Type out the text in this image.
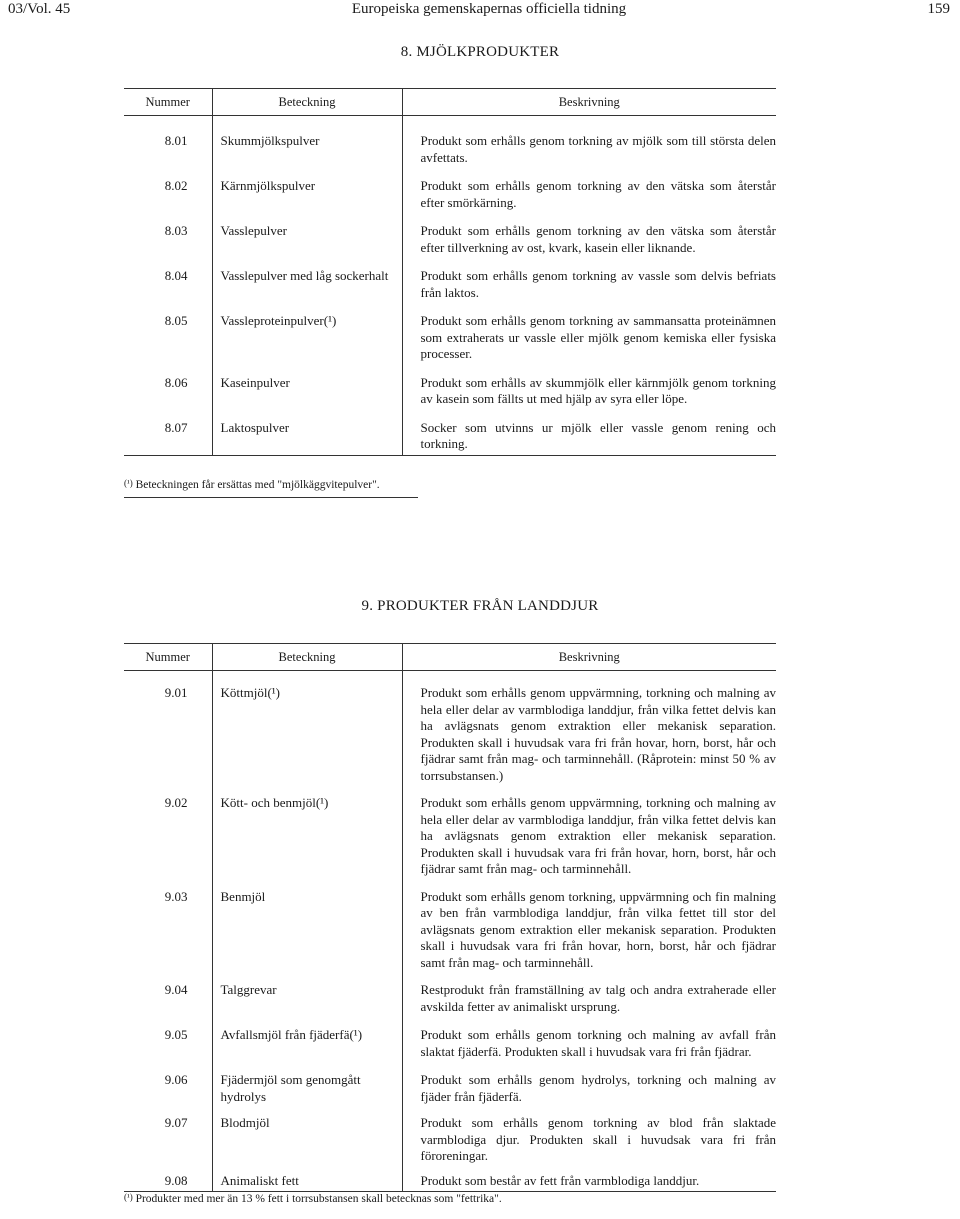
03/Vol. 45	Europeiska gemenskapernas officiella tidning	159
8. MJÖLKPRODUKTER
Nummer	Beteckning	Beskrivning
8.01	Skummjölkspulver	Produkt som erhålls genom torkning av mjölk som till största delen avfettats.
8.02	Kärnmjölkspulver	Produkt som erhålls genom torkning av den vätska som återstår efter smörkärning.
8.03	Vasslepulver	Produkt som erhålls genom torkning av den vätska som återstår efter tillverkning av ost, kvark, kasein eller liknande.
8.04	Vasslepulver med låg sockerhalt	Produkt som erhålls genom torkning av vassle som delvis befriats från laktos.
8.05	Vassleproteinpulver(¹)	Produkt som erhålls genom torkning av sammansatta proteinämnen som extraherats ur vassle eller mjölk genom kemiska eller fysiska processer.
8.06	Kaseinpulver	Produkt som erhålls av skummjölk eller kärnmjölk genom torkning av kasein som fällts ut med hjälp av syra eller löpe.
8.07	Laktospulver	Socker som utvinns ur mjölk eller vassle genom rening och torkning.
(¹) Beteckningen får ersättas med "mjölkäggvitepulver".
9. PRODUKTER FRÅN LANDDJUR
Nummer	Beteckning	Beskrivning
9.01	Köttmjöl(¹)	Produkt som erhålls genom uppvärmning, torkning och malning av hela eller delar av varmblodiga landdjur, från vilka fettet delvis kan ha avlägsnats genom extraktion eller mekanisk separation. Produkten skall i huvudsak vara fri från hovar, horn, borst, hår och fjädrar samt från mag- och tarminnehåll. (Råprotein: minst 50 % av torrsubstansen.)
9.02	Kött- och benmjöl(¹)	Produkt som erhålls genom uppvärmning, torkning och malning av hela eller delar av varmblodiga landdjur, från vilka fettet delvis kan ha avlägsnats genom extraktion eller mekanisk separation. Produkten skall i huvudsak vara fri från hovar, horn, borst, hår och fjädrar samt från mag- och tarminnehåll.
9.03	Benmjöl	Produkt som erhålls genom torkning, uppvärmning och fin malning av ben från varmblodiga landdjur, från vilka fettet till stor del avlägsnats genom extraktion eller mekanisk separation. Produkten skall i huvudsak vara fri från hovar, horn, borst, hår och fjädrar samt från mag- och tarminnehåll.
9.04	Talggrevar	Restprodukt från framställning av talg och andra extraherade eller avskilda fetter av animaliskt ursprung.
9.05	Avfallsmjöl från fjäderfä(¹)	Produkt som erhålls genom torkning och malning av avfall från slaktat fjäderfä. Produkten skall i huvudsak vara fri från fjädrar.
9.06	Fjädermjöl som genomgått hydrolys	Produkt som erhålls genom hydrolys, torkning och malning av fjäder från fjäderfä.
9.07	Blodmjöl	Produkt som erhålls genom torkning av blod från slaktade varmblodiga djur. Produkten skall i huvudsak vara fri från föroreningar.
9.08	Animaliskt fett	Produkt som består av fett från varmblodiga landdjur.
(¹) Produkter med mer än 13 % fett i torrsubstansen skall betecknas som "fettrika".
